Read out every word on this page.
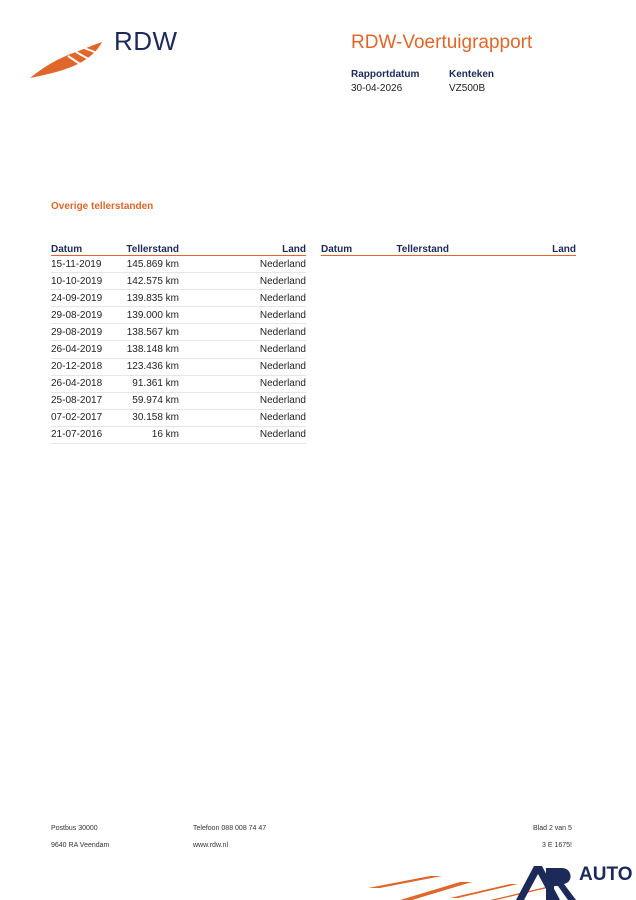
RDW	RDW-Voertuigrapport
Rapportdatum
30-04-2026
Kenteken
VZ500B
Overige tellerstanden
Datum	Tellerstand	Land
15-11-2019	145.869 km	Nederland
10-10-2019	142.575 km	Nederland
24-09-2019	139.835 km	Nederland
29-08-2019	139.000 km	Nederland
29-08-2019	138.567 km	Nederland
26-04-2019	138.148 km	Nederland
20-12-2018	123.436 km	Nederland
26-04-2018	91.361 km	Nederland
25-08-2017	59.974 km	Nederland
07-02-2017	30.158 km	Nederland
21-07-2016	16 km	Nederland
Datum	Tellerstand	Land
Postbus 30000
9640 RA Veendam
Telefoon 088 008 74 47
www.rdw.nl
Blad 2 van 5
3 E 1675!
AUTO
